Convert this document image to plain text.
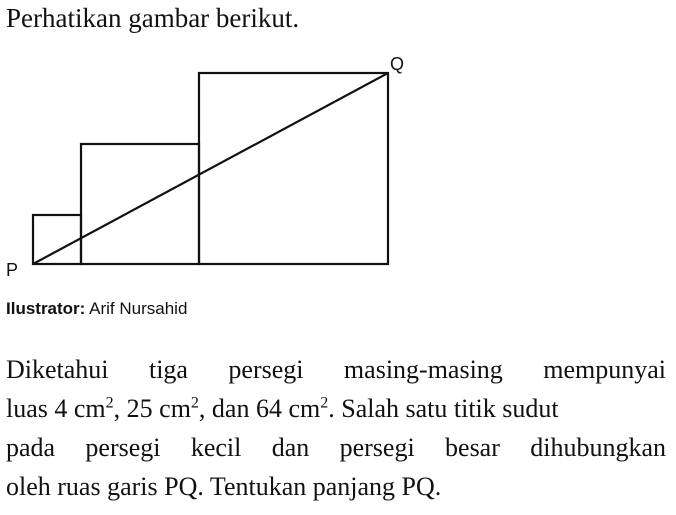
Perhatikan gambar berikut.
P
Q
Ilustrator: Arif Nursahid
Diketahui tiga persegi masing-masing mempunyai
luas 4 $cm^2$, 25 $cm^2$, dan 64 $cm^2$. Salah satu titik sudut
pada persegi kecil dan persegi besar dihubungkan
oleh ruas garis PQ. Tentukan panjang PQ.
